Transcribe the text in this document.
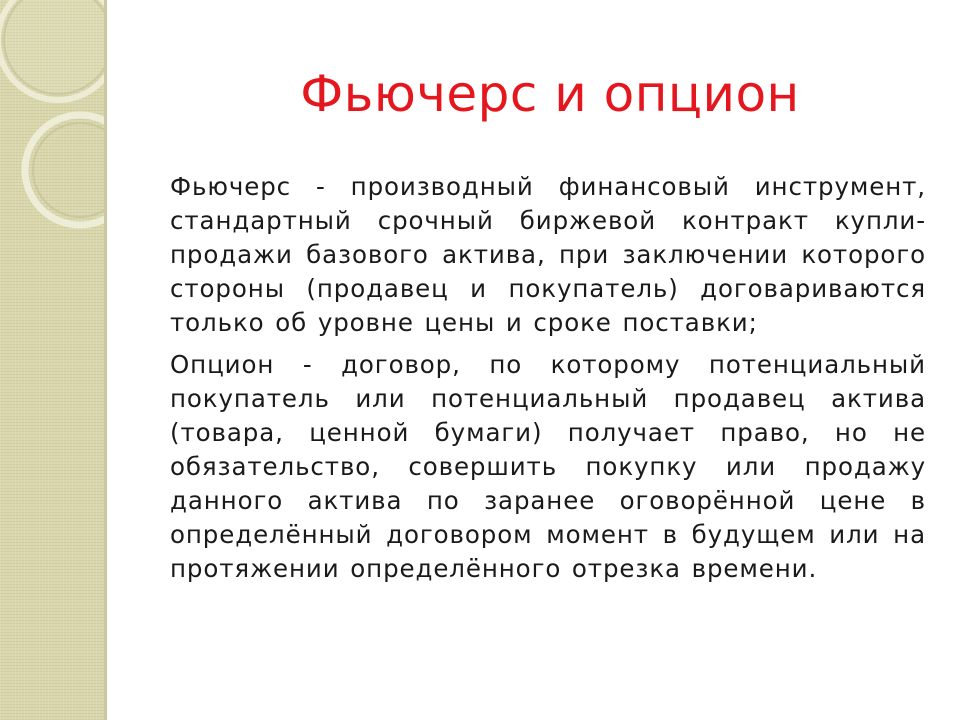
Фьючерс и опцион

Фьючерс - производный финансовый инструмент, стандартный срочный биржевой контракт купли-продажи базового актива, при заключении которого стороны (продавец и покупатель) договариваются только об уровне цены и сроке поставки;

Опцион - договор, по которому потенциальный покупатель или потенциальный продавец актива (товара, ценной бумаги) получает право, но не обязательство, совершить покупку или продажу данного актива по заранее оговорённой цене в определённый договором момент в будущем или на протяжении определённого отрезка времени.
